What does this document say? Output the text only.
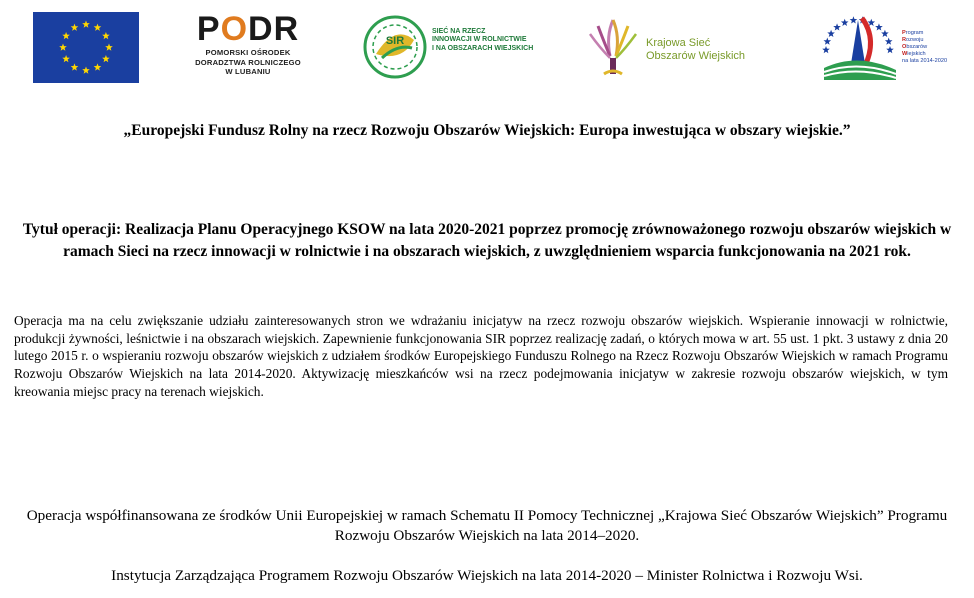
PODR
POMORSKI OŚRODEK
DORADZTWA ROLNICZEGO
W LUBANIU
SIR
SIEĆ NA RZECZ
INNOWACJI W ROLNICTWIE
I NA OBSZARACH WIEJSKICH	Krajowa Sieć
Obszarów Wiejskich
Program
Rozwoju
Obszarów
Wiejskich
na lata 2014-2020

„Europejski Fundusz Rolny na rzecz Rozwoju Obszarów Wiejskich: Europa inwestująca w obszary wiejskie.”

Tytuł operacji: Realizacja Planu Operacyjnego KSOW na lata 2020-2021 poprzez promocję zrównoważonego rozwoju obszarów wiejskich w ramach Sieci na rzecz innowacji w rolnictwie i na obszarach wiejskich, z uwzględnieniem wsparcia funkcjonowania na 2021 rok.

Operacja ma na celu zwiększanie udziału zainteresowanych stron we wdrażaniu inicjatyw na rzecz rozwoju obszarów wiejskich. Wspieranie innowacji w rolnictwie, produkcji żywności, leśnictwie i na obszarach wiejskich. Zapewnienie funkcjonowania SIR poprzez realizację zadań, o których mowa w art. 55 ust. 1 pkt. 3 ustawy z dnia 20 lutego 2015 r. o wspieraniu rozwoju obszarów wiejskich z udziałem środków Europejskiego Funduszu Rolnego na Rzecz Rozwoju Obszarów Wiejskich w ramach Programu Rozwoju Obszarów Wiejskich na lata 2014-2020. Aktywizację mieszkańców wsi na rzecz podejmowania inicjatyw w zakresie rozwoju obszarów wiejskich, w tym kreowania miejsc pracy na terenach wiejskich.

Operacja współfinansowana ze środków Unii Europejskiej w ramach Schematu II Pomocy Technicznej „Krajowa Sieć Obszarów Wiejskich” Programu Rozwoju Obszarów Wiejskich na lata 2014–2020.

Instytucja Zarządzająca Programem Rozwoju Obszarów Wiejskich na lata 2014-2020 – Minister Rolnictwa i Rozwoju Wsi.
